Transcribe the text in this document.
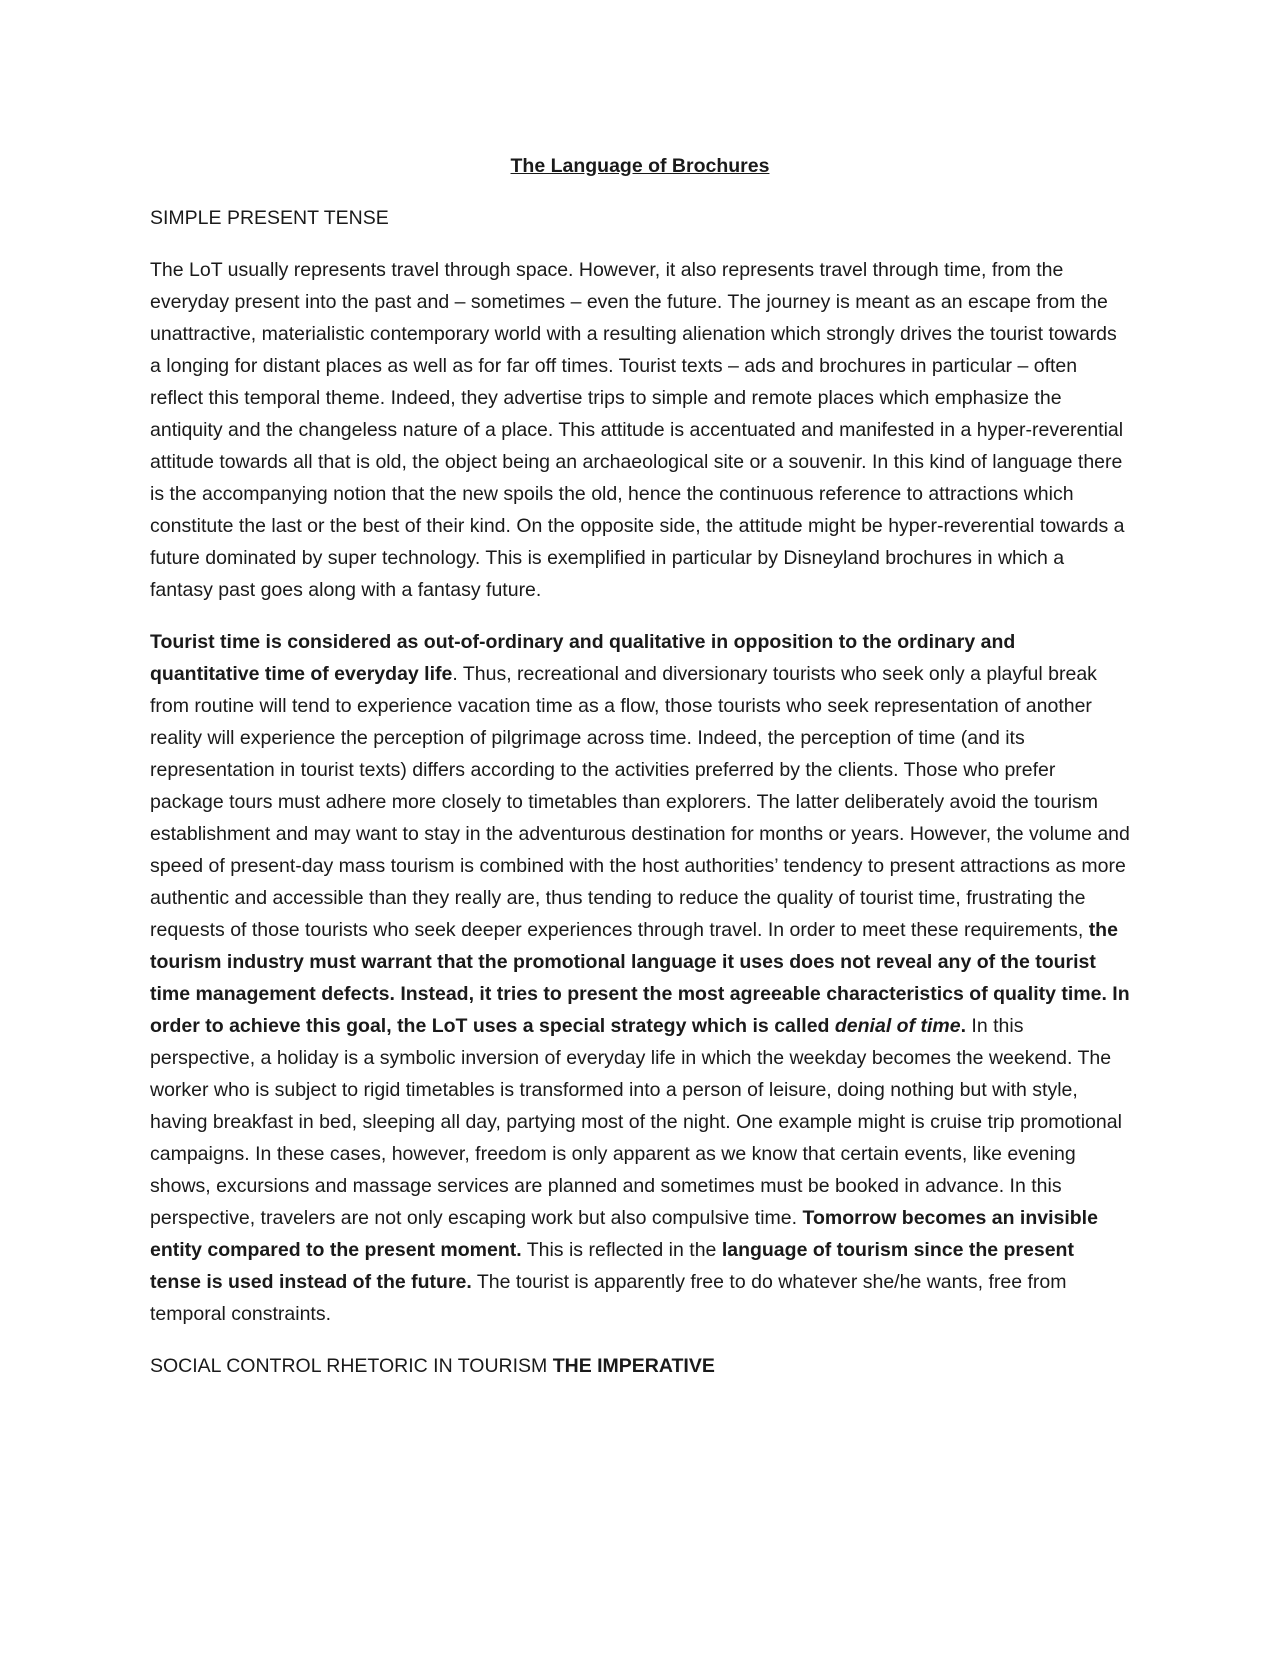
The Language of Brochures

SIMPLE PRESENT TENSE

The LoT usually represents travel through space. However, it also represents travel through time, from the everyday present into the past and – sometimes – even the future. The journey is meant as an escape from the unattractive, materialistic contemporary world with a resulting alienation which strongly drives the tourist towards a longing for distant places as well as for far off times. Tourist texts – ads and brochures in particular – often reflect this temporal theme. Indeed, they advertise trips to simple and remote places which emphasize the antiquity and the changeless nature of a place. This attitude is accentuated and manifested in a hyper-reverential attitude towards all that is old, the object being an archaeological site or a souvenir. In this kind of language there is the accompanying notion that the new spoils the old, hence the continuous reference to attractions which constitute the last or the best of their kind. On the opposite side, the attitude might be hyper-reverential towards a future dominated by super technology. This is exemplified in particular by Disneyland brochures in which a fantasy past goes along with a fantasy future.

Tourist time is considered as out-of-ordinary and qualitative in opposition to the ordinary and quantitative time of everyday life. Thus, recreational and diversionary tourists who seek only a playful break from routine will tend to experience vacation time as a flow, those tourists who seek representation of another reality will experience the perception of pilgrimage across time. Indeed, the perception of time (and its representation in tourist texts) differs according to the activities preferred by the clients. Those who prefer package tours must adhere more closely to timetables than explorers. The latter deliberately avoid the tourism establishment and may want to stay in the adventurous destination for months or years. However, the volume and speed of present-day mass tourism is combined with the host authorities’ tendency to present attractions as more authentic and accessible than they really are, thus tending to reduce the quality of tourist time, frustrating the requests of those tourists who seek deeper experiences through travel. In order to meet these requirements, the tourism industry must warrant that the promotional language it uses does not reveal any of the tourist time management defects. Instead, it tries to present the most agreeable characteristics of quality time. In order to achieve this goal, the LoT uses a special strategy which is called denial of time. In this perspective, a holiday is a symbolic inversion of everyday life in which the weekday becomes the weekend. The worker who is subject to rigid timetables is transformed into a person of leisure, doing nothing but with style, having breakfast in bed, sleeping all day, partying most of the night. One example might is cruise trip promotional campaigns. In these cases, however, freedom is only apparent as we know that certain events, like evening shows, excursions and massage services are planned and sometimes must be booked in advance. In this perspective, travelers are not only escaping work but also compulsive time. Tomorrow becomes an invisible entity compared to the present moment. This is reflected in the language of tourism since the present tense is used instead of the future. The tourist is apparently free to do whatever she/he wants, free from temporal constraints.

SOCIAL CONTROL RHETORIC IN TOURISM THE IMPERATIVE
